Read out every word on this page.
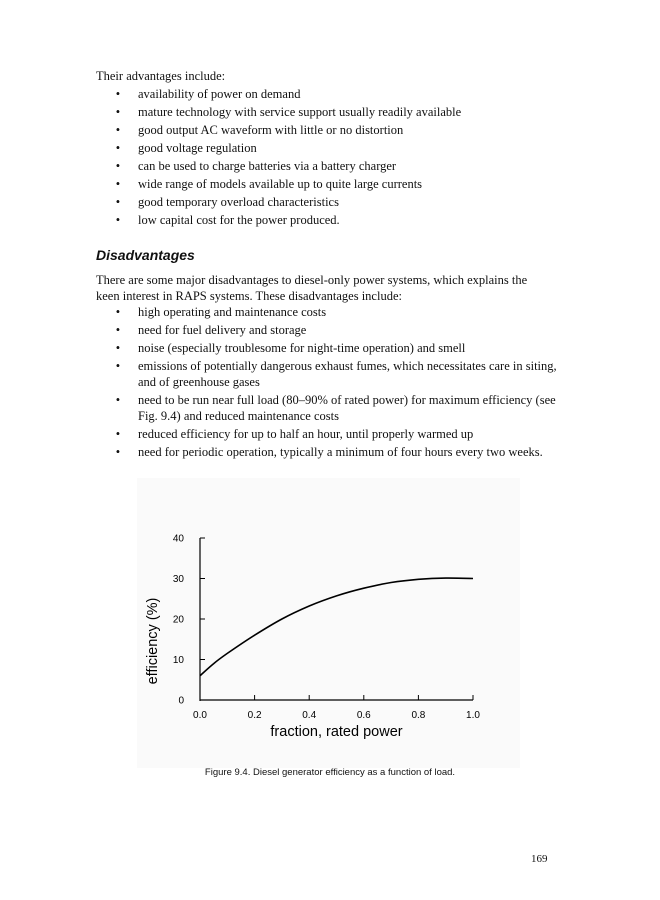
Their advantages include:
• availability of power on demand
• mature technology with service support usually readily available
• good output AC waveform with little or no distortion
• good voltage regulation
• can be used to charge batteries via a battery charger
• wide range of models available up to quite large currents
• good temporary overload characteristics
• low capital cost for the power produced.
Disadvantages
There are some major disadvantages to diesel-only power systems, which explains the
keen interest in RAPS systems. These disadvantages include:
• high operating and maintenance costs
• need for fuel delivery and storage
• noise (especially troublesome for night-time operation) and smell
• emissions of potentially dangerous exhaust fumes, which necessitates care in siting, and of greenhouse gases
• need to be run near full load (80–90% of rated power) for maximum efficiency (see Fig. 9.4) and reduced maintenance costs
• reduced efficiency for up to half an hour, until properly warmed up
• need for periodic operation, typically a minimum of four hours every two weeks.
0
10
20
30
40
0.0	0.2	0.4	0.6	0.8	1.0
fraction, rated power
efficiency (%)
Figure 9.4. Diesel generator efficiency as a function of load.
169
